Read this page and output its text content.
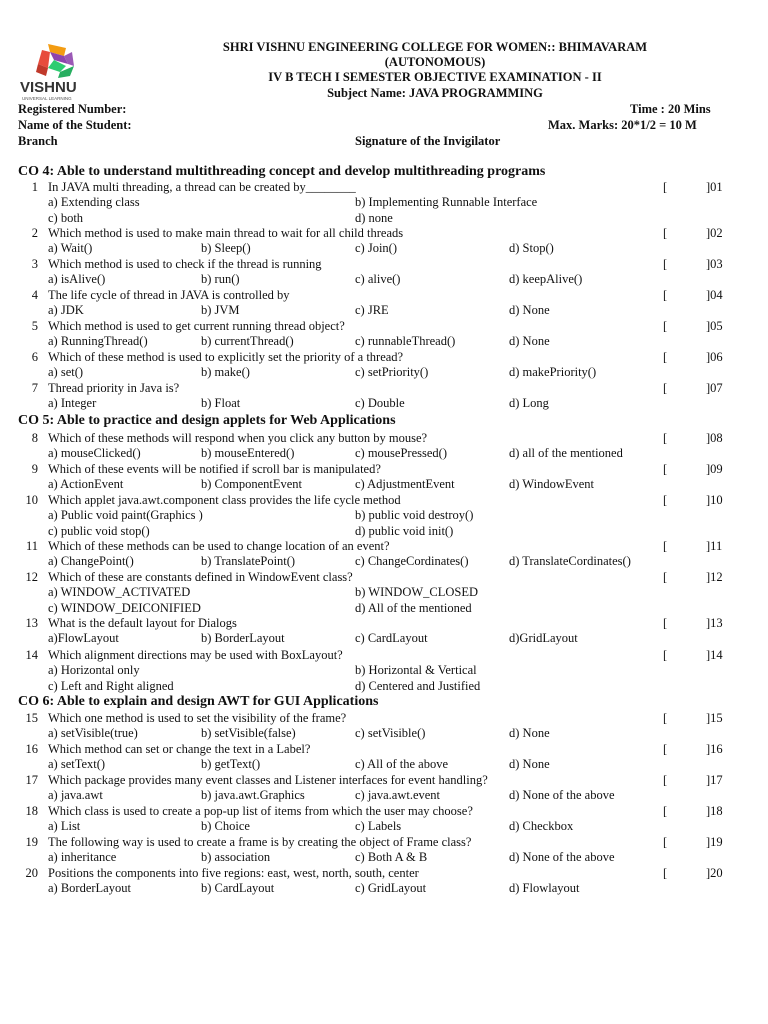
VISHNU
UNIVERSAL LEARNING
SHRI VISHNU ENGINEERING COLLEGE FOR WOMEN:: BHIMAVARAM
(AUTONOMOUS)
IV B TECH I SEMESTER OBJECTIVE EXAMINATION - II
Subject Name: JAVA PROGRAMMING
Registered Number:	Time : 20 Mins
Name of the Student:	Max. Marks: 20*1/2 = 10 M
Branch	Signature of the Invigilator
CO 4: Able to understand multithreading concept and develop multithreading programs
1 In JAVA multi threading, a thread can be created by________	[	]01
a) Extending class	b) Implementing Runnable Interface
c) both	d) none
2 Which method is used to make main thread to wait for all child threads	[	]02
a) Wait()	b) Sleep()	c) Join()	d) Stop()
3 Which method is used to check if the thread is running	[	]03
a) isAlive()	b) run()	c) alive()	d) keepAlive()
4 The life cycle of thread in JAVA is controlled by	[	]04
a) JDK	b) JVM	c) JRE	d) None
5 Which method is used to get current running thread object?	[	]05
a) RunningThread()	b) currentThread()	c) runnableThread()	d) None
6 Which of these method is used to explicitly set the priority of a thread?	[	]06
a) set()	b) make()	c) setPriority()	d) makePriority()
7 Thread priority in Java is?	[	]07
a) Integer	b) Float	c) Double	d) Long
CO 5: Able to practice and design applets for Web Applications
8 Which of these methods will respond when you click any button by mouse?	[	]08
a) mouseClicked()	b) mouseEntered()	c) mousePressed()	d) all of the mentioned
9 Which of these events will be notified if scroll bar is manipulated?	[	]09
a) ActionEvent	b) ComponentEvent	c) AdjustmentEvent	d) WindowEvent
10 Which applet java.awt.component class provides the life cycle method	[	]10
a) Public void paint(Graphics )	b) public void destroy()
c) public void stop()	d) public void init()
11 Which of these methods can be used to change location of an event?	[	]11
a) ChangePoint()	b) TranslatePoint()	c) ChangeCordinates()	d) TranslateCordinates()
12 Which of these are constants defined in WindowEvent class?	[	]12
a) WINDOW_ACTIVATED	b) WINDOW_CLOSED
c) WINDOW_DEICONIFIED	d) All of the mentioned
13 What is the default layout for Dialogs	[	]13
a)FlowLayout	b) BorderLayout	c) CardLayout	d)GridLayout
14 Which alignment directions may be used with BoxLayout?	[	]14
a) Horizontal only	b) Horizontal & Vertical
c) Left and Right aligned	d) Centered and Justified
CO 6: Able to explain and design AWT for GUI Applications
15 Which one method is used to set the visibility of the frame?	[	]15
a) setVisible(true)	b) setVisible(false)	c) setVisible()	d) None
16 Which method can set or change the text in a Label?	[	]16
a) setText()	b) getText()	c) All of the above	d) None
17 Which package provides many event classes and Listener interfaces for event handling?	[	]17
a) java.awt	b) java.awt.Graphics	c) java.awt.event	d) None of the above
18 Which class is used to create a pop-up list of items from which the user may choose?	[	]18
a) List	b) Choice	c) Labels	d) Checkbox
19 The following way is used to create a frame is by creating the object of Frame class?	[	]19
a) inheritance	b) association	c) Both A & B	d) None of the above
20 Positions the components into five regions: east, west, north, south, center	[	]20
a) BorderLayout	b) CardLayout	c) GridLayout	d) Flowlayout
